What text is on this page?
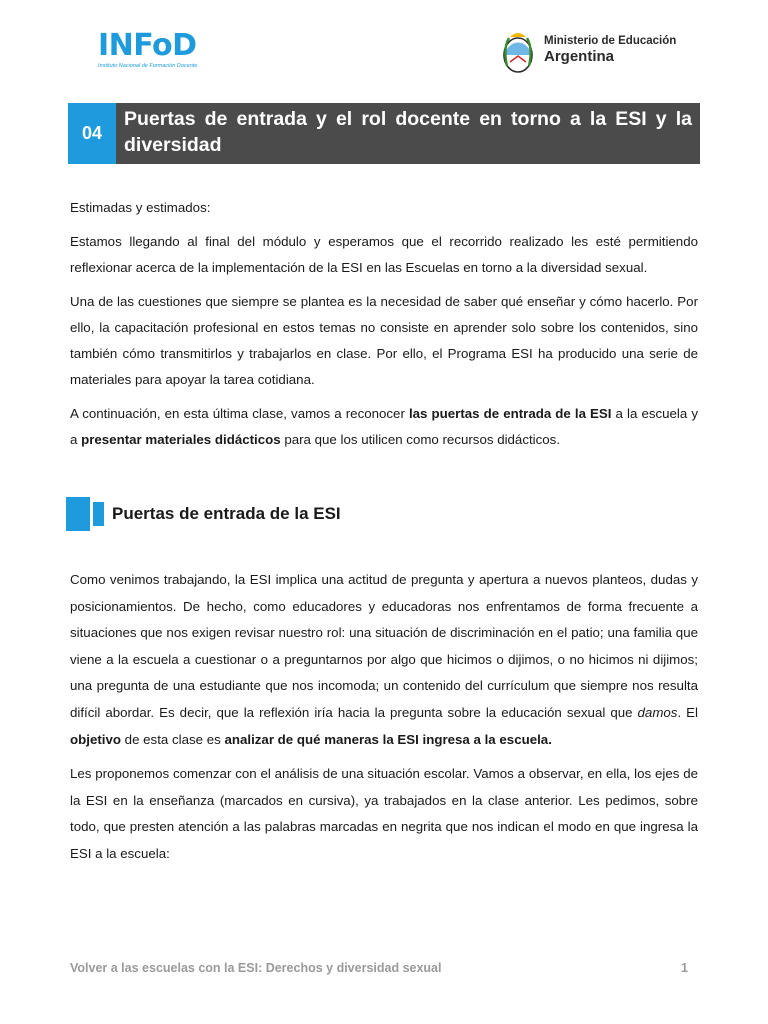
INFoD
Instituto Nacional de Formación Docente
Ministerio de Educación
Argentina
04
Puertas de entrada y el rol docente en torno a la ESI y la diversidad

Estimadas y estimados:

Estamos llegando al final del módulo y esperamos que el recorrido realizado les esté permitiendo reflexionar acerca de la implementación de la ESI en las Escuelas en torno a la diversidad sexual.

Una de las cuestiones que siempre se plantea es la necesidad de saber qué enseñar y cómo hacerlo. Por ello, la capacitación profesional en estos temas no consiste en aprender solo sobre los contenidos, sino también cómo transmitirlos y trabajarlos en clase. Por ello, el Programa ESI ha producido una serie de materiales para apoyar la tarea cotidiana.

A continuación, en esta última clase, vamos a reconocer las puertas de entrada de la ESI a la escuela y a presentar materiales didácticos para que los utilicen como recursos didácticos.

Puertas de entrada de la ESI

Como venimos trabajando, la ESI implica una actitud de pregunta y apertura a nuevos planteos, dudas y posicionamientos. De hecho, como educadores y educadoras nos enfrentamos de forma frecuente a situaciones que nos exigen revisar nuestro rol: una situación de discriminación en el patio; una familia que viene a la escuela a cuestionar o a preguntarnos por algo que hicimos o dijimos, o no hicimos ni dijimos; una pregunta de una estudiante que nos incomoda; un contenido del currículum que siempre nos resulta difícil abordar. Es decir, que la reflexión iría hacia la pregunta sobre la educación sexual que damos. El objetivo de esta clase es analizar de qué maneras la ESI ingresa a la escuela.

Les proponemos comenzar con el análisis de una situación escolar. Vamos a observar, en ella, los ejes de la ESI en la enseñanza (marcados en cursiva), ya trabajados en la clase anterior. Les pedimos, sobre todo, que presten atención a las palabras marcadas en negrita que nos indican el modo en que ingresa la ESI a la escuela:

Volver a las escuelas con la ESI: Derechos y diversidad sexual	1
